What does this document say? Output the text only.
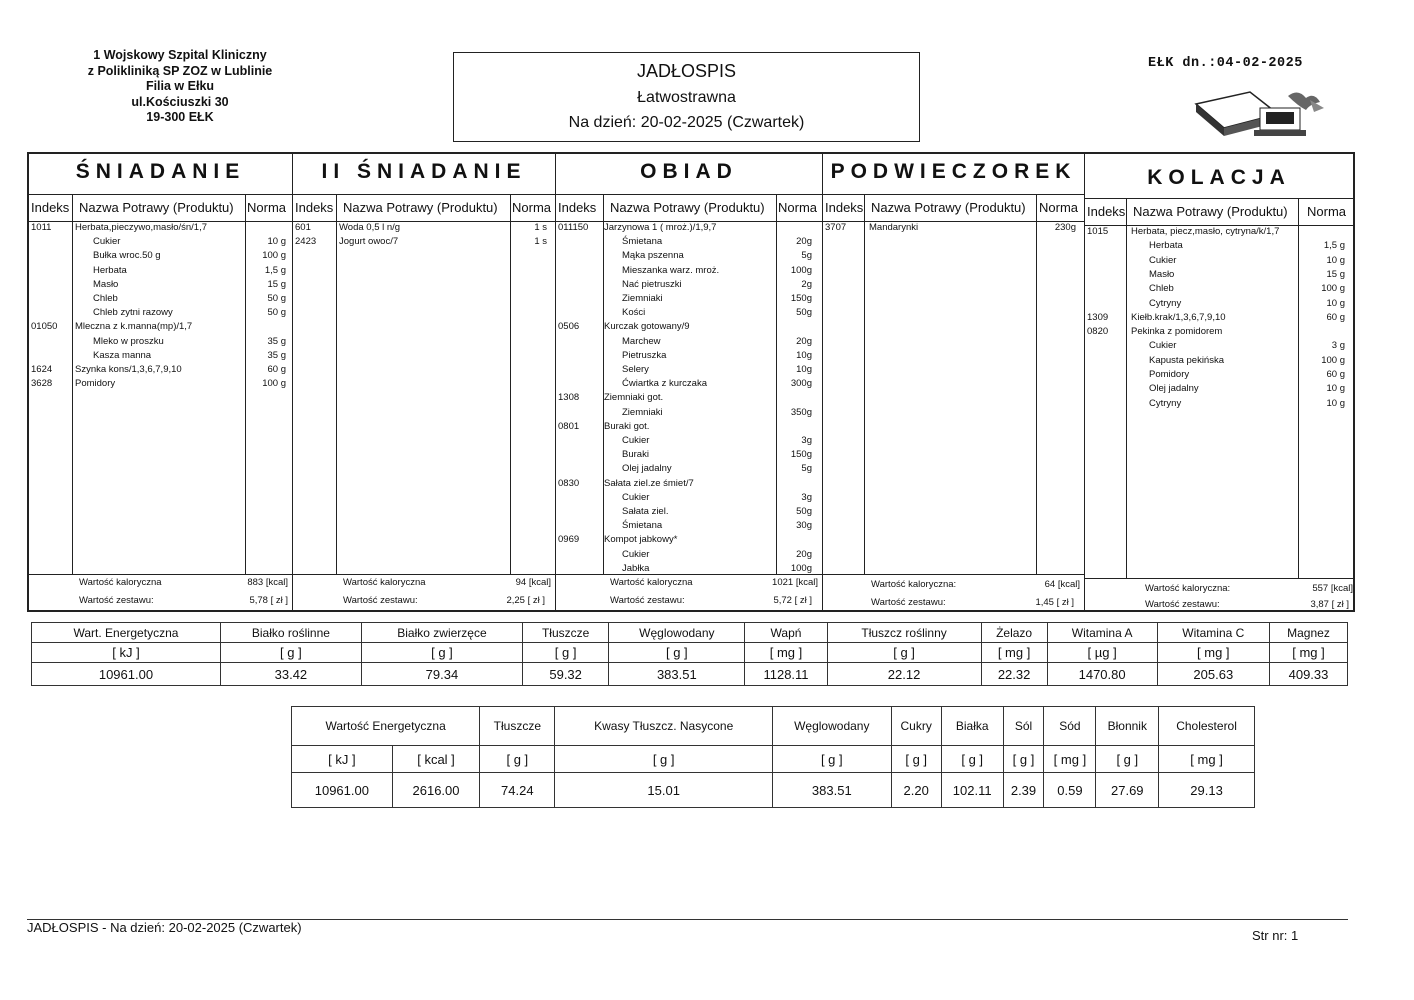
1 Wojskowy Szpital Kliniczny
z Polikliniką SP ZOZ w Lublinie
Filia w Ełku
ul.Kościuszki 30
19-300 EŁK
JADŁOSPIS
Łatwostrawna
Na dzień: 20-02-2025 (Czwartek)
EŁK dn.:04-02-2025
ŚNIADANIE
Indeks Nazwa Potrawy (Produktu) Norma
1011 Herbata,pieczywo,masło/śn/1,7
Cukier	10 g
Bułka wroc.50 g	100 g
Herbata	1,5 g
Masło	15 g
Chleb	50 g
Chleb zytni razowy	50 g
01050 Mleczna z k.manna(mp)/1,7
Mleko w proszku	35 g
Kasza manna	35 g
1624 Szynka kons/1,3,6,7,9,10	60 g
3628 Pomidory	100 g
Wartość kaloryczna	883 [kcal]
Wartość zestawu:	5,78 [ zł ]
II ŚNIADANIE
Indeks Nazwa Potrawy (Produktu) Norma
601	Woda 0,5 l n/g	1 s
2423 Jogurt owoc/7	1 s
Wartość kaloryczna	94 [kcal]
Wartość zestawu:	2,25 [ zł ]
OBIAD
Indeks Nazwa Potrawy (Produktu) Norma
011150 Jarzynowa 1 ( mroż.)/1,9,7
Śmietana	20g
Mąka pszenna	5g
Mieszanka warz. mroż.	100g
Nać pietruszki	2g
Ziemniaki	150g
Kości	50g
0506	Kurczak gotowany/9
Marchew	20g
Pietruszka	10g
Selery	10g
Ćwiartka z kurczaka	300g
1308	Ziemniaki got.
Ziemniaki	350g
0801	Buraki got.
Cukier	3g
Buraki	150g
Olej jadalny	5g
0830	Sałata ziel.ze śmiet/7
Cukier	3g
Sałata ziel.	50g
Śmietana	30g
0969	Kompot jabkowy*
Cukier	20g
Jabłka	100g
Wartość kaloryczna	1021 [kcal]
Wartość zestawu:	5,72 [ zł ]
PODWIECZOREK
Indeks Nazwa Potrawy (Produktu) Norma
3707 Mandarynki	230g
Wartość kaloryczna:	64 [kcal]
Wartość zestawu:	1,45 [ zł ]
KOLACJA
Indeks Nazwa Potrawy (Produktu) Norma
1015 Herbata, piecz,masło, cytryna/k/1,7
Herbata	1,5 g
Cukier	10 g
Masło	15 g
Chleb	100 g
Cytryny	10 g
1309 Kiełb.krak/1,3,6,7,9,10	60 g
0820 Pekinka z pomidorem
Cukier	3 g
Kapusta pekińska	100 g
Pomidory	60 g
Olej jadalny	10 g
Cytryny	10 g
Wartość kaloryczna:	557 [kcal]
Wartość zestawu:	3,87 [ zł ]
Wart. Energetyczna	Białko roślinne	Białko zwierzęce	Tłuszcze	Węglowodany	Wapń	Tłuszcz roślinny	Żelazo	Witamina A	Witamina C	Magnez
[ kJ ]	[ g ]	[ g ]	[ g ]	[ g ]	[ mg ]	[ g ]	[ mg ]	[ µg ]	[ mg ]	[ mg ]
10961.00	33.42	79.34	59.32	383.51	1128.11	22.12	22.32	1470.80	205.63	409.33
Wartość Energetyczna		Tłuszcze	Kwasy Tłuszcz. Nasycone	Węglowodany	Cukry	Białka	Sól	Sód	Błonnik	Cholesterol
[ kJ ]	[ kcal ]	[ g ]	[ g ]	[ g ]	[ g ]	[ g ]	[ g ]	[ mg ]	[ g ]	[ mg ]
10961.00	2616.00	74.24	15.01	383.51	2.20	102.11	2.39	0.59	27.69	29.13
JADŁOSPIS - Na dzień: 20-02-2025 (Czwartek)
Str nr: 1
